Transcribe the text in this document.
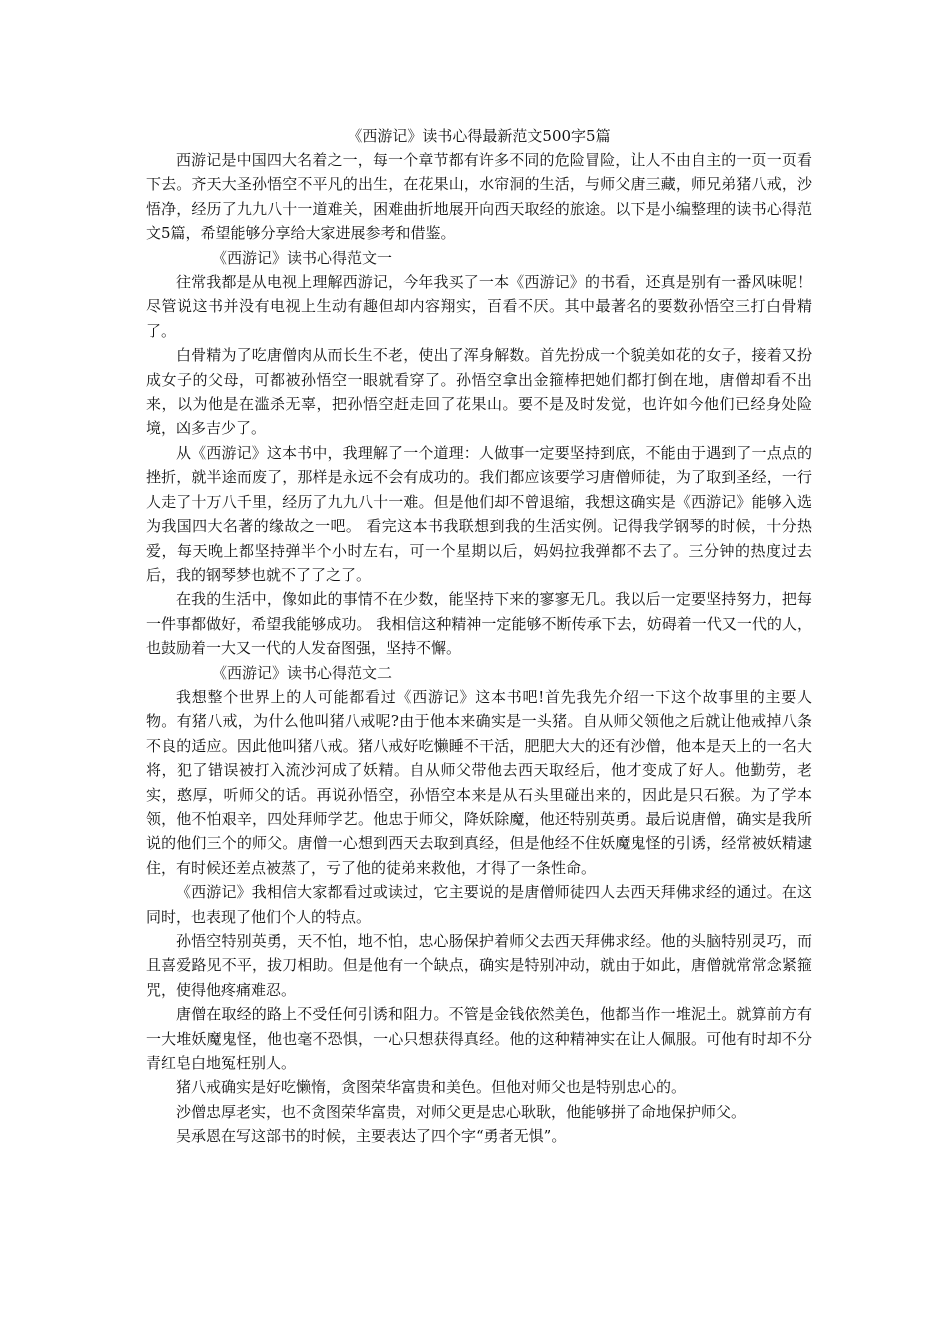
《西游记》读书心得最新范文500字5篇

西游记是中国四大名着之一，每一个章节都有许多不同的危险冒险，让人不由自主的一页一页看下去。齐天大圣孙悟空不平凡的出生，在花果山，水帘洞的生活，与师父唐三藏，师兄弟猪八戒，沙悟净，经历了九九八十一道难关，困难曲折地展开向西天取经的旅途。以下是小编整理的读书心得范文5篇，希望能够分享给大家进展参考和借鉴。

《西游记》读书心得范文一

往常我都是从电视上理解西游记，今年我买了一本《西游记》的书看，还真是别有一番风味呢！尽管说这书并没有电视上生动有趣但却内容翔实，百看不厌。其中最著名的要数孙悟空三打白骨精了。

白骨精为了吃唐僧肉从而长生不老，使出了浑身解数。首先扮成一个貌美如花的女子，接着又扮成女子的父母，可都被孙悟空一眼就看穿了。孙悟空拿出金箍棒把她们都打倒在地，唐僧却看不出来，以为他是在滥杀无辜，把孙悟空赶走回了花果山。要不是及时发觉，也许如今他们已经身处险境，凶多吉少了。

从《西游记》这本书中，我理解了一个道理：人做事一定要坚持到底，不能由于遇到了一点点的挫折，就半途而废了，那样是永远不会有成功的。我们都应该要学习唐僧师徒，为了取到圣经，一行人走了十万八千里，经历了九九八十一难。但是他们却不曾退缩，我想这确实是《西游记》能够入选为我国四大名著的缘故之一吧。 看完这本书我联想到我的生活实例。记得我学钢琴的时候，十分热爱，每天晚上都坚持弹半个小时左右，可一个星期以后，妈妈拉我弹都不去了。三分钟的热度过去后，我的钢琴梦也就不了了之了。

在我的生活中，像如此的事情不在少数，能坚持下来的寥寥无几。我以后一定要坚持努力，把每一件事都做好，希望我能够成功。 我相信这种精神一定能够不断传承下去，妨碍着一代又一代的人，也鼓励着一大又一代的人发奋图强，坚持不懈。

《西游记》读书心得范文二

我想整个世界上的人可能都看过《西游记》这本书吧!首先我先介绍一下这个故事里的主要人物。有猪八戒，为什么他叫猪八戒呢?由于他本来确实是一头猪。自从师父领他之后就让他戒掉八条不良的适应。因此他叫猪八戒。猪八戒好吃懒睡不干活，肥肥大大的还有沙僧，他本是天上的一名大将，犯了错误被打入流沙河成了妖精。自从师父带他去西天取经后，他才变成了好人。他勤劳，老实，憨厚，听师父的话。再说孙悟空，孙悟空本来是从石头里碰出来的，因此是只石猴。为了学本领，他不怕艰辛，四处拜师学艺。他忠于师父，降妖除魔，他还特别英勇。最后说唐僧，确实是我所说的他们三个的师父。唐僧一心想到西天去取到真经，但是他经不住妖魔鬼怪的引诱，经常被妖精逮住，有时候还差点被蒸了，亏了他的徒弟来救他，才得了一条性命。

《西游记》我相信大家都看过或读过，它主要说的是唐僧师徒四人去西天拜佛求经的通过。在这同时，也表现了他们个人的特点。

孙悟空特别英勇，天不怕，地不怕，忠心肠保护着师父去西天拜佛求经。他的头脑特别灵巧，而且喜爱路见不平，拔刀相助。但是他有一个缺点，确实是特别冲动，就由于如此，唐僧就常常念紧箍咒，使得他疼痛难忍。

唐僧在取经的路上不受任何引诱和阻力。不管是金钱依然美色，他都当作一堆泥土。就算前方有一大堆妖魔鬼怪，他也毫不恐惧，一心只想获得真经。他的这种精神实在让人佩服。可他有时却不分青红皂白地冤枉别人。

猪八戒确实是好吃懒惰，贪图荣华富贵和美色。但他对师父也是特别忠心的。

沙僧忠厚老实，也不贪图荣华富贵，对师父更是忠心耿耿，他能够拼了命地保护师父。

吴承恩在写这部书的时候，主要表达了四个字“勇者无惧”。
